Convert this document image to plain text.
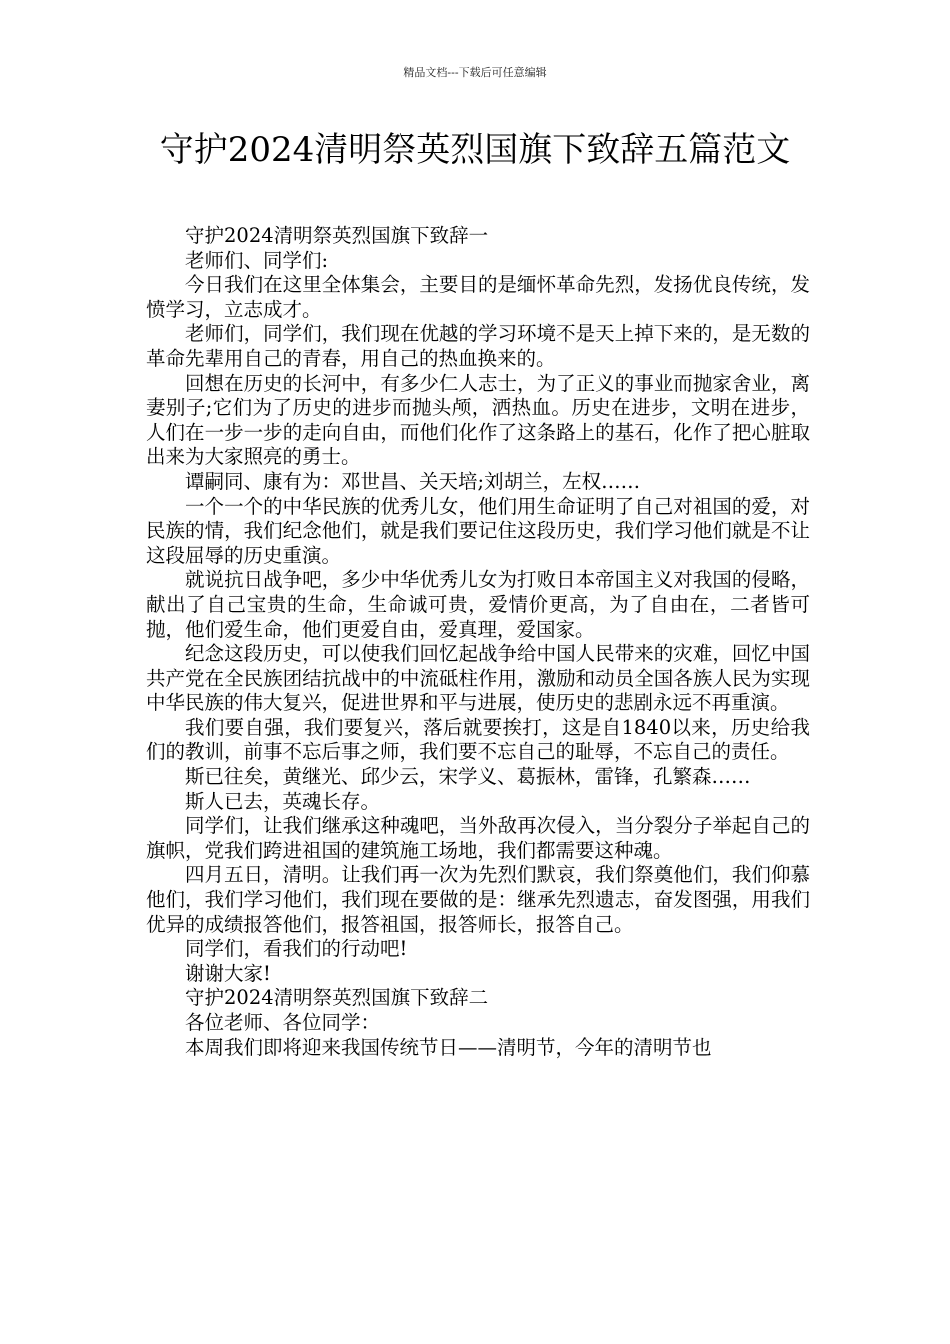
精品文档---下载后可任意编辑
守护2024清明祭英烈国旗下致辞五篇范文

守护2024清明祭英烈国旗下致辞一

老师们、同学们:

今日我们在这里全体集会，主要目的是缅怀革命先烈，发扬优良传统，发愤学习，立志成才。

老师们，同学们，我们现在优越的学习环境不是天上掉下来的，是无数的革命先辈用自己的青春，用自己的热血换来的。

回想在历史的长河中，有多少仁人志士，为了正义的事业而抛家舍业，离妻别子;它们为了历史的进步而抛头颅，洒热血。历史在进步，文明在进步，人们在一步一步的走向自由，而他们化作了这条路上的基石，化作了把心脏取出来为大家照亮的勇士。

谭嗣同、康有为：邓世昌、关天培;刘胡兰，左权……

一个一个的中华民族的优秀儿女，他们用生命证明了自己对祖国的爱，对民族的情，我们纪念他们，就是我们要记住这段历史，我们学习他们就是不让这段屈辱的历史重演。

就说抗日战争吧，多少中华优秀儿女为打败日本帝国主义对我国的侵略，献出了自己宝贵的生命，生命诚可贵，爱情价更高，为了自由在，二者皆可抛，他们爱生命，他们更爱自由，爱真理，爱国家。

纪念这段历史，可以使我们回忆起战争给中国人民带来的灾难，回忆中国共产党在全民族团结抗战中的中流砥柱作用，激励和动员全国各族人民为实现中华民族的伟大复兴，促进世界和平与进展，使历史的悲剧永远不再重演。

我们要自强，我们要复兴，落后就要挨打，这是自1840以来，历史给我们的教训，前事不忘后事之师，我们要不忘自己的耻辱，不忘自己的责任。

斯已往矣，黄继光、邱少云，宋学义、葛振林，雷锋，孔繁森……

斯人已去，英魂长存。

同学们，让我们继承这种魂吧，当外敌再次侵入，当分裂分子举起自己的旗帜，党我们跨进祖国的建筑施工场地，我们都需要这种魂。

四月五日，清明。让我们再一次为先烈们默哀，我们祭奠他们，我们仰慕他们，我们学习他们，我们现在要做的是：继承先烈遗志，奋发图强，用我们优异的成绩报答他们，报答祖国，报答师长，报答自己。

同学们，看我们的行动吧!

谢谢大家!

守护2024清明祭英烈国旗下致辞二

各位老师、各位同学：

本周我们即将迎来我国传统节日——清明节，今年的清明节也
